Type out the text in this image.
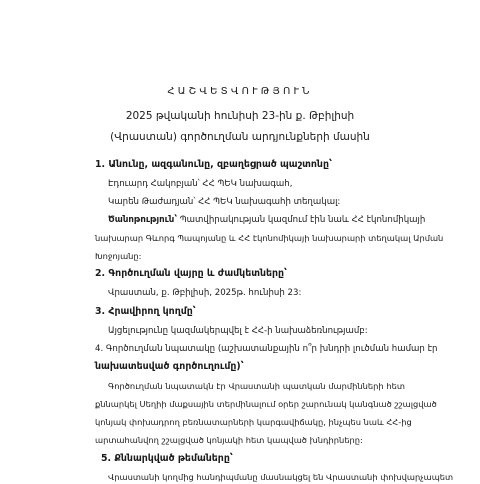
ՀԱՇՎԵՏՎՈՒԹՅՈՒՆ
2025 թվականի հունիսի 23-ին ք. Թբիլիսի
(Վրաստան) գործուղման արդյունքների մասին
1. Անունը, ազգանունը, զբաղեցրած պաշտոնը՝
Էդուարդ Հակոբյան՝ ՀՀ ՊԵԿ նախագահ,
Կարեն Թաժադյան՝ ՀՀ ՊԵԿ նախագահի տեղակալ:
Ծանոթություն՝ Պատվիրակության կազմում էին նաև ՀՀ էկոնոմիկայի
նախարար Գևորգ Պապոյանը և ՀՀ էկոնոմիկայի նախարարի տեղակալ Արման
Խոջոյանը:
2. Գործուղման վայրը և ժամկետները՝
Վրաստան, ք. Թբիլիսի, 2025թ. հունիսի 23:
3. Հրավիրող կողմը՝
Այցելությունը կազմակերպվել է ՀՀ-ի նախաձեռնությամբ:
4. Գործուղման նպատակը (աշխատանքային ո՞ր խնդրի լուծման համար էր
նախատեսված գործուղումը)՝
Գործուղման նպատակն էր Վրաստանի պատկան մարմինների հետ
քննարկել Սեղիի մաքսային տերմինալում օրեր շարունակ կանգնած շշալցված
կոնյակ փոխադրող բեռնատարների կարգավիճակը, ինչպես նաև ՀՀ-ից
արտահանվող շշալցված կոնյակի հետ կապված խնդիրները:
5. Քննարկված թեմաները՝
Վրաստանի կողմից հանդիպմանը մասնակցել են Վրաստանի փոխվարչապետ
